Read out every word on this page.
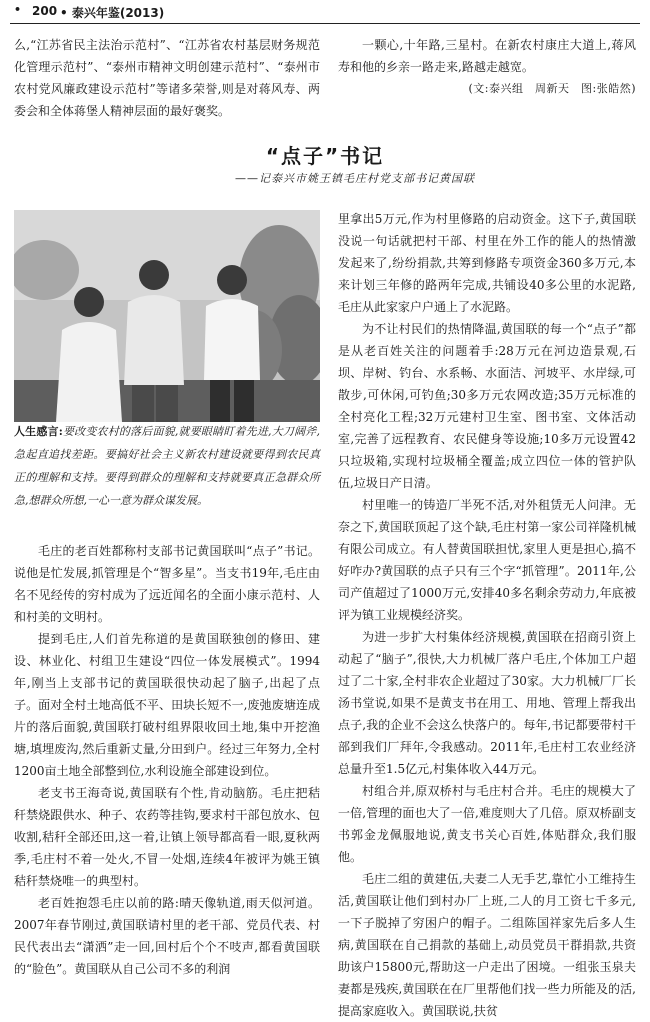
• 200 • 泰兴年鉴(2013)

么,“江苏省民主法治示范村”、“江苏省农村基层财务规范化管理示范村”、“泰州市精神文明创建示范村”、“泰州市农村党风廉政建设示范村”等诸多荣誉,则是对蒋风寿、两委会和全体蒋堡人精神层面的最好褒奖。

一颗心,十年路,三星村。在新农村康庄大道上,蒋风寿和他的乡亲一路走来,路越走越宽。

(文:泰兴组　周新天　图:张皓然)

“点子”书记
——记泰兴市姚王镇毛庄村党支部书记黄国联
人生感言:要改变农村的落后面貌,就要眼睛盯着先进,大刀阔斧,急起直追找差距。要搞好社会主义新农村建设就要得到农民真正的理解和支持。要得到群众的理解和支持就要真正急群众所急,想群众所想,一心一意为群众谋发展。

毛庄的老百姓都称村支部书记黄国联叫“点子”书记。说他是忙发展,抓管理是个“智多星”。当支书19年,毛庄由名不见经传的穷村成为了远近闻名的全面小康示范村、人和村美的文明村。

提到毛庄,人们首先称道的是黄国联独创的修田、建设、林业化、村组卫生建设“四位一体发展模式”。1994年,刚当上支部书记的黄国联很快动起了脑子,出起了点子。面对全村土地高低不平、田块长短不一,废弛废塘连成片的落后面貌,黄国联打破村组界限收回土地,集中开挖渔塘,填埋废沟,然后重新丈量,分田到户。经过三年努力,全村1200亩土地全部整到位,水利设施全部建设到位。

老支书王海奇说,黄国联有个性,肯动脑筋。毛庄把秸秆禁烧跟供水、种子、农药等挂钩,要求村干部包放水、包收割,秸秆全部还田,这一着,让镇上领导都高看一眼,夏秋两季,毛庄村不着一处火,不冒一处烟,连续4年被评为姚王镇秸秆禁烧唯一的典型村。

老百姓抱怨毛庄以前的路:晴天像轨道,雨天似河道。2007年春节刚过,黄国联请村里的老干部、党员代表、村民代表出去“潇洒”走一回,回村后个个不吱声,都看黄国联的“脸色”。黄国联从自己公司不多的利润

里拿出5万元,作为村里修路的启动资金。这下子,黄国联没说一句话就把村干部、村里在外工作的能人的热情激发起来了,纷纷捐款,共筹到修路专项资金360多万元,本来计划三年修的路两年完成,共铺设40多公里的水泥路,毛庄从此家家户户通上了水泥路。

为不让村民们的热情降温,黄国联的每一个“点子”都是从老百姓关注的问题着手:28万元在河边造景观,石坝、岸树、钓台、水系畅、水面洁、河坡平、水岸绿,可散步,可休闲,可钓鱼;30多万元农网改造;35万元标准的全村亮化工程;32万元建村卫生室、图书室、文体活动室,完善了远程教育、农民健身等设施;10多万元设置42只垃圾箱,实现村垃圾桶全覆盖;成立四位一体的管护队伍,垃圾日产日清。

村里唯一的铸造厂半死不活,对外租赁无人问津。无奈之下,黄国联顶起了这个缺,毛庄村第一家公司祥隆机械有限公司成立。有人替黄国联担忧,家里人更是担心,搞不好咋办?黄国联的点子只有三个字“抓管理”。2011年,公司产值超过了1000万元,安排40多名剩余劳动力,年底被评为镇工业规模经济奖。

为进一步扩大村集体经济规模,黄国联在招商引资上动起了“脑子”,很快,大力机械厂落户毛庄,个体加工户超过了二十家,全村非农企业超过了30家。大力机械厂厂长汤书堂说,如果不是黄支书在用工、用地、管理上帮我出点子,我的企业不会这么快落户的。每年,书记都要带村干部到我们厂拜年,令我感动。2011年,毛庄村工农业经济总量升至1.5亿元,村集体收入44万元。

村组合并,原双桥村与毛庄村合并。毛庄的规模大了一倍,管理的面也大了一倍,难度则大了几倍。原双桥副支书郭金龙佩服地说,黄支书关心百姓,体贴群众,我们服他。

毛庄二组的黄建伍,夫妻二人无手艺,靠忙小工维持生活,黄国联让他们到村办厂上班,二人的月工资七千多元,一下子脱掉了穷困户的帽子。二组陈国祥家先后多人生病,黄国联在自己捐款的基础上,动员党员干群捐款,共资助该户15800元,帮助这一户走出了困境。一组张玉泉夫妻都是残疾,黄国联在在厂里帮他们找一些力所能及的活,提高家庭收入。黄国联说,扶贫
